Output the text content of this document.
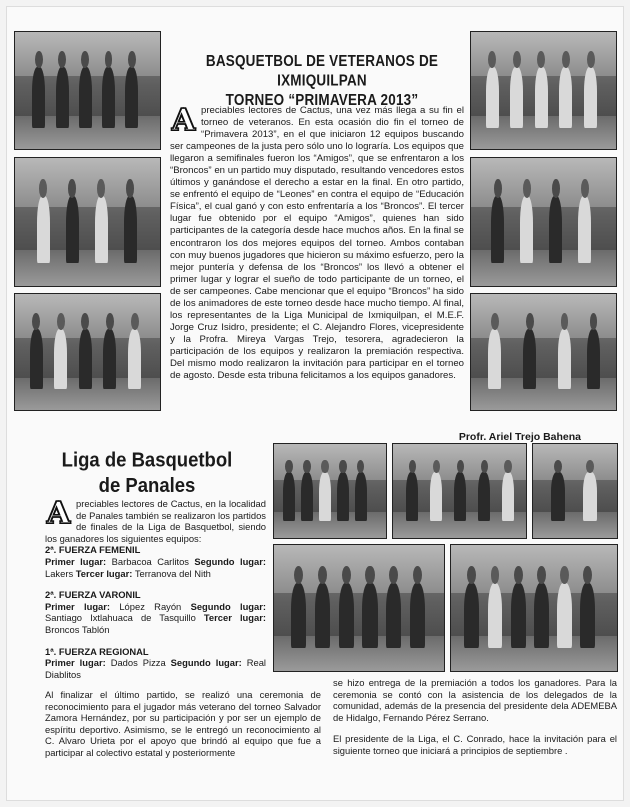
BASQUETBOL DE VETERANOS DE IXMIQUILPAN
TORNEO “PRIMAVERA 2013”
A preciables lectores de Cactus, una vez más llega a su fin el torneo de veteranos. En esta ocasión dio fin el torneo de “Primavera 2013”, en el que iniciaron 12 equipos buscando ser campeones de la justa pero sólo uno lo lograría. Los equipos que llegaron a semifinales fueron los “Amigos”, que se enfrentaron a los “Broncos” en un partido muy disputado, resultando vencedores estos últimos y ganándose el derecho a estar en la final. En otro partido, se enfrentó el equipo de “Leones” en contra el equipo de “Educación Física”, el cual ganó y con esto enfrentaría a los “Broncos”. El tercer lugar fue obtenido por el equipo “Amigos”, quienes han sido participantes de la categoría desde hace muchos años. En la final se encontraron los dos mejores equipos del torneo. Ambos contaban con muy buenos jugadores que hicieron su máximo esfuerzo, pero la mejor puntería y defensa de los “Broncos” los llevó a obtener el primer lugar y lograr el sueño de todo participante de un torneo, el de ser campeones. Cabe mencionar que el equipo “Broncos” ha sido de los animadores de este torneo desde hace mucho tiempo. Al final, los representantes de la Liga Municipal de Ixmiquilpan, el M.E.F. Jorge Cruz Isidro, presidente; el C. Alejandro Flores, vicepresidente y la Profra. Mireya Vargas Trejo, tesorera, agradecieron la participación de los equipos y realizaron la premiación respectiva. Del mismo modo realizaron la invitación para participar en el torneo de agosto. Desde esta tribuna felicitamos a los equipos ganadores.
Profr. Ariel Trejo Bahena
Liga de Basquetbol
de Panales
A preciables lectores de Cactus, en la localidad de Panales también se realizaron los partidos de finales de la Liga de Basquetbol, siendo los ganadores los siguientes equipos:
2ª. FUERZA FEMENIL
Primer lugar: Barbacoa Carlitos Segundo lugar: Lakers Tercer lugar: Terranova del Nith
2ª. FUERZA VARONIL
Primer lugar: López Rayón Segundo lugar: Santiago Ixtlahuaca de Tasquillo Tercer lugar: Broncos Tablón
1ª. FUERZA REGIONAL
Primer lugar: Dados Pizza Segundo lugar: Real Diablitos
Al finalizar el último partido, se realizó una ceremonia de reconocimiento para el jugador más veterano del torneo Salvador Zamora Hernández, por su participación y por ser un ejemplo de espíritu deportivo. Asimismo, se le entregó un reconocimiento al C. Alvaro Urieta por el apoyo que brindó al equipo que fue a participar al colectivo estatal y posteriormente
se hizo entrega de la premiación a todos los ganadores. Para la ceremonia se contó con la asistencia de los delegados de la comunidad, además de la presencia del presidente dela ADEMEBA de Hidalgo, Fernando Pérez Serrano.
El presidente de la Liga, el C. Conrado, hace la invitación para el siguiente torneo que iniciará a principios de septiembre .
